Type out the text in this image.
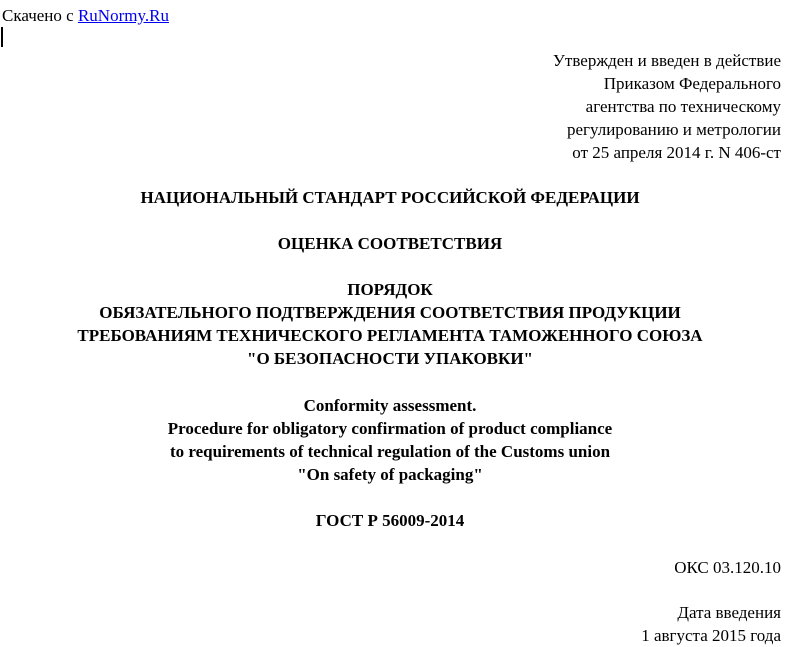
Скачено с RuNormy.Ru
Утвержден и введен в действие
Приказом Федерального
агентства по техническому
регулированию и метрологии
от 25 апреля 2014 г. N 406-ст
НАЦИОНАЛЬНЫЙ СТАНДАРТ РОССИЙСКОЙ ФЕДЕРАЦИИ
ОЦЕНКА СООТВЕТСТВИЯ
ПОРЯДОК
ОБЯЗАТЕЛЬНОГО ПОДТВЕРЖДЕНИЯ СООТВЕТСТВИЯ ПРОДУКЦИИ
ТРЕБОВАНИЯМ ТЕХНИЧЕСКОГО РЕГЛАМЕНТА ТАМОЖЕННОГО СОЮЗА
"О БЕЗОПАСНОСТИ УПАКОВКИ"
Conformity assessment.
Procedure for obligatory confirmation of product compliance
to requirements of technical regulation of the Customs union
"On safety of packaging"
ГОСТ Р 56009-2014
ОКС 03.120.10
Дата введения
1 августа 2015 года
